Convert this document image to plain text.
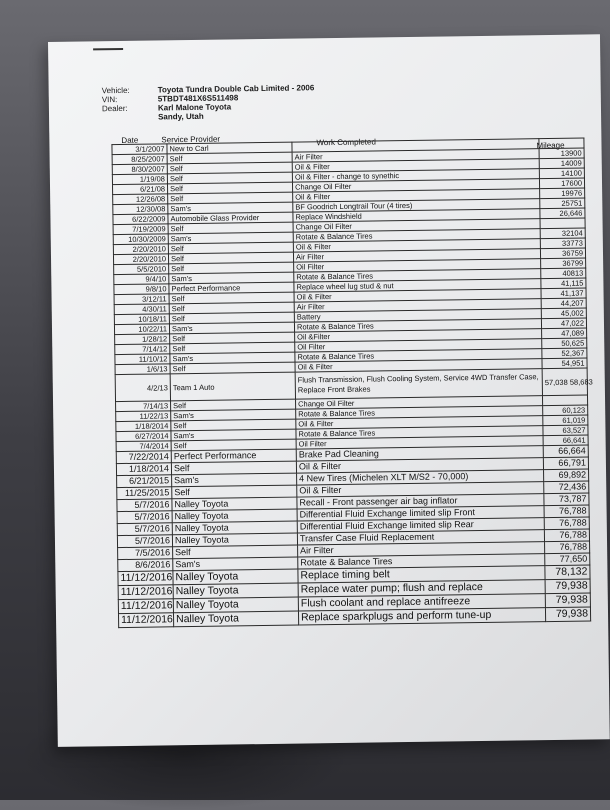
Vehicle:	Toyota Tundra Double Cab Limited - 2006
VIN:	5TBDT481X6S511498
Dealer:	Karl Malone Toyota
Sandy, Utah
Date	Service Provider	Work Completed	Mileage
3/1/2007	New to Carl		
8/25/2007	Self	Air Filter	13900
8/30/2007	Self	Oil & Filter	14009
1/19/08	Self	Oil & Filter - change to synethic	14100
6/21/08	Self	Change Oil Filter	17600
12/26/08	Self	Oil & Filter	19976
12/30/08	Sam's	BF Goodrich Longtrail Tour (4 tires)	25751
6/22/2009	Automobile Glass Provider	Replace Windshield	26,646
7/19/2009	Self	Change Oil Filter	
10/30/2009	Sam's	Rotate & Balance Tires	32104
2/20/2010	Self	Oil & Filter	33773
2/20/2010	Self	Air Filter	36759
5/5/2010	Self	Oil Filter	36799
9/4/10	Sam's	Rotate & Balance Tires	40813
9/8/10	Perfect Performance	Replace wheel lug stud & nut	41,115
3/12/11	Self	Oil & Filter	41,137
4/30/11	Self	Air Filter	44,207
10/18/11	Self	Battery	45,002
10/22/11	Sam's	Rotate & Balance Tires	47,022
1/28/12	Self	Oil &Filter	47,089
7/14/12	Self	Oil Filter	50,625
11/10/12	Sam's	Rotate & Balance Tires	52,367
1/6/13	Self	Oil & Filter	54,951
4/2/13	Team 1 Auto	Flush Transmission, Flush Cooling System, Service 4WD Transfer Case, Replace Front Brakes	57,038 58,683
7/14/13	Self	Change Oil Filter	
11/22/13	Sam's	Rotate & Balance Tires	60,123
1/18/2014	Self	Oil & Filter	61,019
6/27/2014	Sam's	Rotate & Balance Tires	63,527
7/4/2014	Self	Oil Filter	66,641
7/22/2014	Perfect Performance	Brake Pad Cleaning	66,664
1/18/2014	Self	Oil & Filter	66,791
6/21/2015	Sam's	4 New Tires (Michelen XLT M/S2 - 70,000)	69,892
11/25/2015	Self	Oil & Filter	72,436
5/7/2016	Nalley Toyota	Recall - Front passenger air bag inflator	73,787
5/7/2016	Nalley Toyota	Differential Fluid Exchange limited slip Front	76,788
5/7/2016	Nalley Toyota	Differential Fluid Exchange limited slip Rear	76,788
5/7/2016	Nalley Toyota	Transfer Case Fluid Replacement	76,788
7/5/2016	Self	Air Filter	76,788
8/6/2016	Sam's	Rotate & Balance Tires	77,650
11/12/2016	Nalley Toyota	Replace timing belt	78,132
11/12/2016	Nalley Toyota	Replace water pump; flush and replace	79,938
11/12/2016	Nalley Toyota	Flush coolant and replace antifreeze	79,938
11/12/2016	Nalley Toyota	Replace sparkplugs and perform tune-up	79,938
